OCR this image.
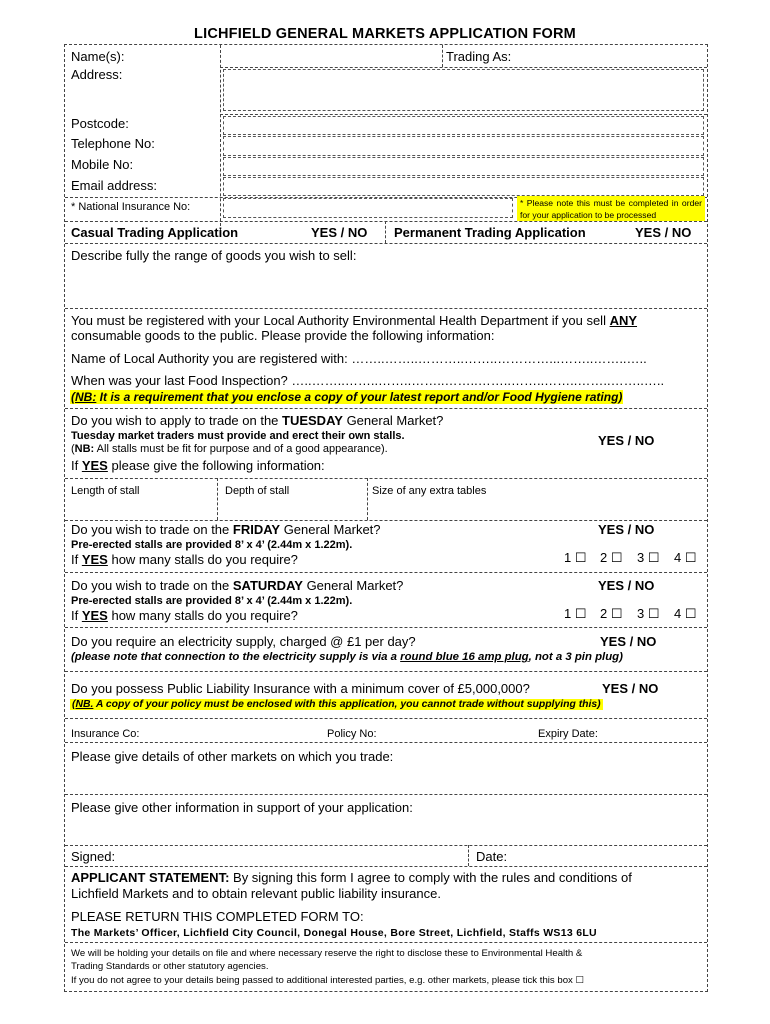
LICHFIELD GENERAL MARKETS APPLICATION FORM
Name(s):	Trading As:
Address:
Postcode:
Telephone No:
Mobile No:
Email address:
* National Insurance No:	* Please note this must be completed in order for your application to be processed
Casual Trading Application	YES / NO Permanent Trading Application	YES / NO
Describe fully the range of goods you wish to sell:
You must be registered with your Local Authority Environmental Health Department if you sell ANY
consumable goods to the public. Please provide the following information:
Name of Local Authority you are registered with: ……..……..………..……..…………...……..……..…..
When was your last Food Inspection? …..……..……..……..……..……..……..……..……..……..……..…..
(NB: It is a requirement that you enclose a copy of your latest report and/or Food Hygiene rating)
Do you wish to apply to trade on the TUESDAY General Market?
Tuesday market traders must provide and erect their own stalls.
(NB: All stalls must be fit for purpose and of a good appearance).
YES / NO
If YES please give the following information:
Length of stall	Depth of stall	Size of any extra tables
Do you wish to trade on the FRIDAY General Market?	YES / NO
Pre-erected stalls are provided 8’ x 4’ (2.44m x 1.22m).
If YES how many stalls do you require?	1 ☐ 2 ☐ 3 ☐ 4 ☐
Do you wish to trade on the SATURDAY General Market?	YES / NO
Pre-erected stalls are provided 8’ x 4’ (2.44m x 1.22m).
If YES how many stalls do you require?	1 ☐ 2 ☐ 3 ☐ 4 ☐
Do you require an electricity supply, charged @ £1 per day?	YES / NO
(please note that connection to the electricity supply is via a round blue 16 amp plug, not a 3 pin plug)
Do you possess Public Liability Insurance with a minimum cover of £5,000,000?	YES / NO
(NB. A copy of your policy must be enclosed with this application, you cannot trade without supplying this)
Insurance Co:	Policy No:	Expiry Date:
Please give details of other markets on which you trade:
Please give other information in support of your application:
Signed:	Date:
APPLICANT STATEMENT: By signing this form I agree to comply with the rules and conditions of
Lichfield Markets and to obtain relevant public liability insurance.
PLEASE RETURN THIS COMPLETED FORM TO:
The Markets’ Officer, Lichfield City Council, Donegal House, Bore Street, Lichfield, Staffs WS13 6LU
We will be holding your details on file and where necessary reserve the right to disclose these to Environmental Health &
Trading Standards or other statutory agencies.
If you do not agree to your details being passed to additional interested parties, e.g. other markets, please tick this box ☐
